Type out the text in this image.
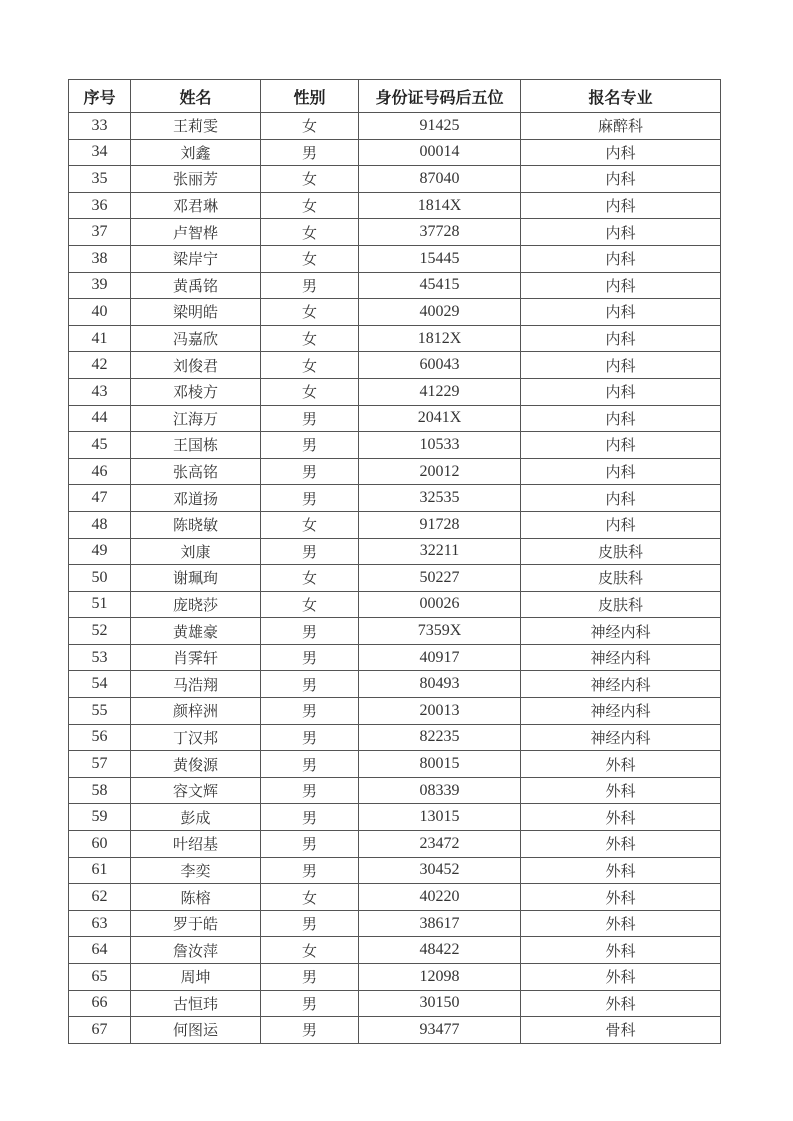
序号	姓名	性别	身份证号码后五位	报名专业
33	王莉雯	女	91425	麻醉科
34	刘鑫	男	00014	内科
35	张丽芳	女	87040	内科
36	邓君琳	女	1814X	内科
37	卢智桦	女	37728	内科
38	梁岸宁	女	15445	内科
39	黄禹铭	男	45415	内科
40	梁明皓	女	40029	内科
41	冯嘉欣	女	1812X	内科
42	刘俊君	女	60043	内科
43	邓棱方	女	41229	内科
44	江海万	男	2041X	内科
45	王国栋	男	10533	内科
46	张高铭	男	20012	内科
47	邓道扬	男	32535	内科
48	陈晓敏	女	91728	内科
49	刘康	男	32211	皮肤科
50	谢珮珣	女	50227	皮肤科
51	庞晓莎	女	00026	皮肤科
52	黄雄豪	男	7359X	神经内科
53	肖霁轩	男	40917	神经内科
54	马浩翔	男	80493	神经内科
55	颜梓洲	男	20013	神经内科
56	丁汉邦	男	82235	神经内科
57	黄俊源	男	80015	外科
58	容文辉	男	08339	外科
59	彭成	男	13015	外科
60	叶绍基	男	23472	外科
61	李奕	男	30452	外科
62	陈榕	女	40220	外科
63	罗于皓	男	38617	外科
64	詹汝萍	女	48422	外科
65	周坤	男	12098	外科
66	古恒玮	男	30150	外科
67	何图运	男	93477	骨科
